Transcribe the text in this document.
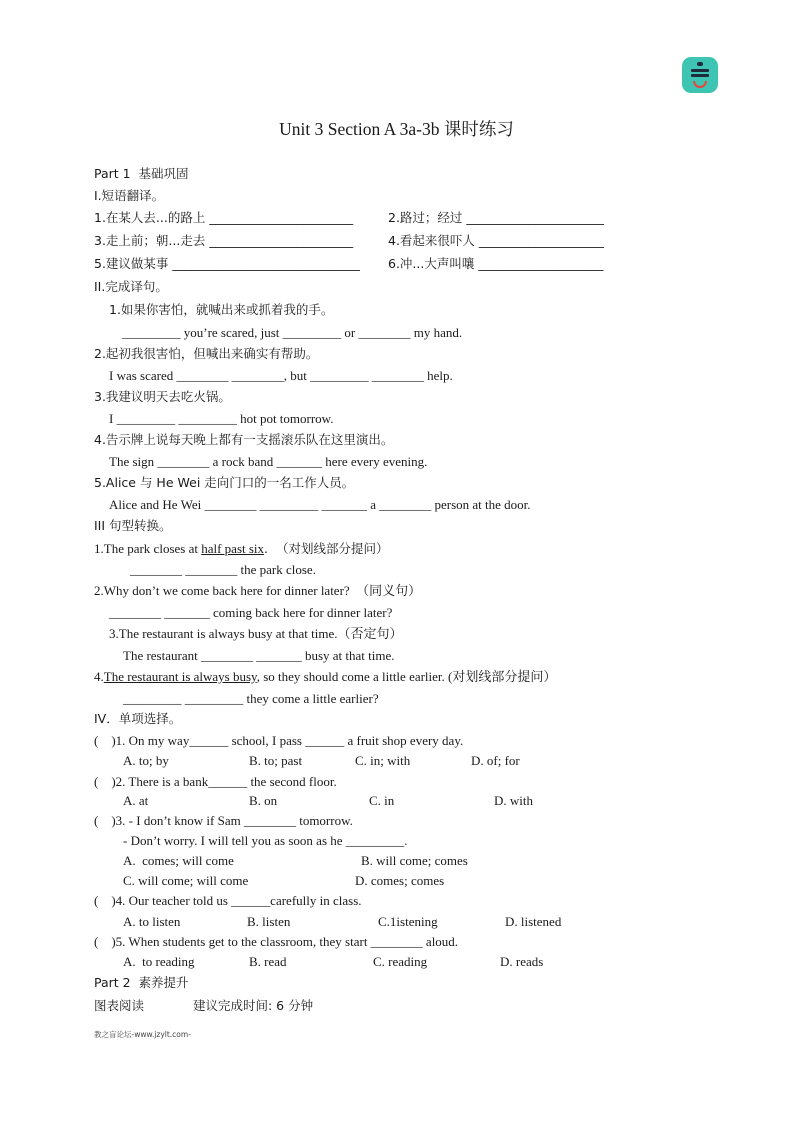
Unit 3 Section A 3a-3b 课时练习
Part 1  基础巩固
I.短语翻译。
1.在某人去...的路上 _______________________	2.路过；经过 ______________________
3.走上前；朝...走去 _______________________	4.看起来很吓人 ____________________
5.建议做某事 ______________________________ 6.冲...大声叫嚷 ____________________
II.完成译句。
1.如果你害怕，就喊出来或抓着我的手。
_________ you’re scared, just _________ or ________ my hand.
2.起初我很害怕，但喊出来确实有帮助。
I was scared ________ ________, but _________ ________ help.
3.我建议明天去吃火锅。
I _________ _________ hot pot tomorrow.
4.告示牌上说每天晚上都有一支摇滚乐队在这里演出。
The sign ________ a rock band _______ here every evening.
5.Alice 与 He Wei 走向门口的一名工作人员。
Alice and He Wei ________ _________ _______ a ________ person at the door.
III 句型转换。
1.The park closes at half past six.  （对划线部分提问）
________ ________ the park close.
2.Why don’t we come back here for dinner later?  （同义句）
________ _______ coming back here for dinner later?
3.The restaurant is always busy at that time.（否定句）
The restaurant ________ _______ busy at that time.
4.The restaurant is always busy, so they should come a little earlier. (对划线部分提问）
_________ _________ they come a little earlier?
IV．单项选择。
(    )1. On my way______ school, I pass ______ a fruit shop every day.
A. to; by	B. to; past	C. in; with	D. of; for
(    )2. There is a bank______ the second floor.
A. at	B. on	C. in	D. with
(    )3. - I don’t know if Sam ________ tomorrow.
- Don’t worry. I will tell you as soon as he _________.
A.  comes; will come	B. will come; comes
C. will come; will come	D. comes; comes
(    )4. Our teacher told us ______carefully in class.
A. to listen	B. listen	C.1istening	D. listened
(    )5. When students get to the classroom, they start ________ aloud.
A.  to reading	B. read	C. reading	D. reads
Part 2  素养提升
图表阅读	建议完成时间: 6 分钟
教之盲论坛-www.jzylt.com-
